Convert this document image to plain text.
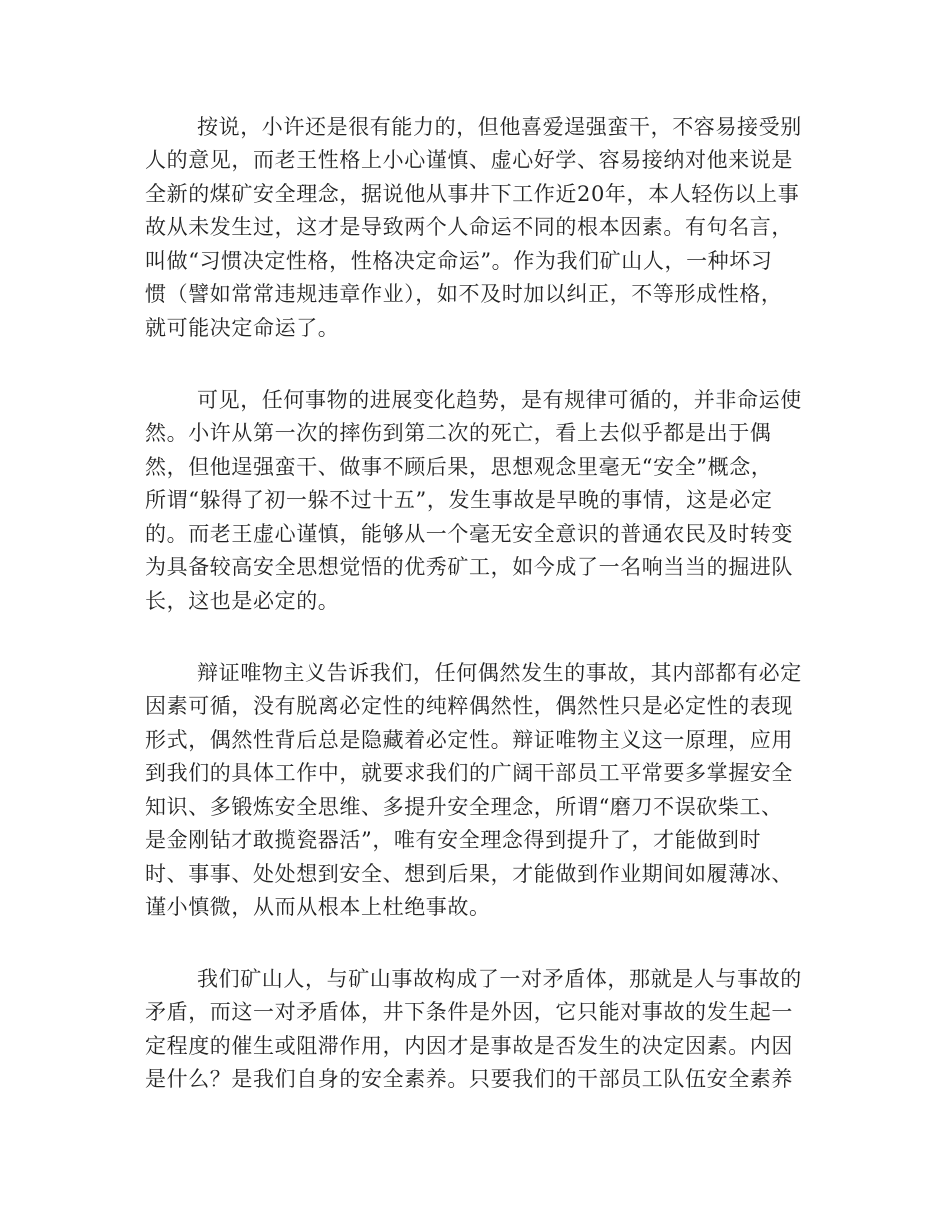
按说，小许还是很有能力的，但他喜爱逞强蛮干，不容易接受别
人的意见，而老王性格上小心谨慎、虚心好学、容易接纳对他来说是
全新的煤矿安全理念，据说他从事井下工作近20年，本人轻伤以上事
故从未发生过，这才是导致两个人命运不同的根本因素。有句名言，
叫做“习惯决定性格，性格决定命运”。作为我们矿山人，一种坏习
惯（譬如常常违规违章作业），如不及时加以纠正，不等形成性格，
就可能决定命运了。
可见，任何事物的进展变化趋势，是有规律可循的，并非命运使
然。小许从第一次的摔伤到第二次的死亡，看上去似乎都是出于偶
然，但他逞强蛮干、做事不顾后果，思想观念里毫无“安全”概念，
所谓“躲得了初一躲不过十五”，发生事故是早晚的事情，这是必定
的。而老王虚心谨慎，能够从一个毫无安全意识的普通农民及时转变
为具备较高安全思想觉悟的优秀矿工，如今成了一名响当当的掘进队
长，这也是必定的。
辩证唯物主义告诉我们，任何偶然发生的事故，其内部都有必定
因素可循，没有脱离必定性的纯粹偶然性，偶然性只是必定性的表现
形式，偶然性背后总是隐藏着必定性。辩证唯物主义这一原理，应用
到我们的具体工作中，就要求我们的广阔干部员工平常要多掌握安全
知识、多锻炼安全思维、多提升安全理念，所谓“磨刀不误砍柴工、
是金刚钻才敢揽瓷器活”，唯有安全理念得到提升了，才能做到时
时、事事、处处想到安全、想到后果，才能做到作业期间如履薄冰、
谨小慎微，从而从根本上杜绝事故。
我们矿山人，与矿山事故构成了一对矛盾体，那就是人与事故的
矛盾，而这一对矛盾体，井下条件是外因，它只能对事故的发生起一
定程度的催生或阻滞作用，内因才是事故是否发生的决定因素。内因
是什么？是我们自身的安全素养。只要我们的干部员工队伍安全素养
